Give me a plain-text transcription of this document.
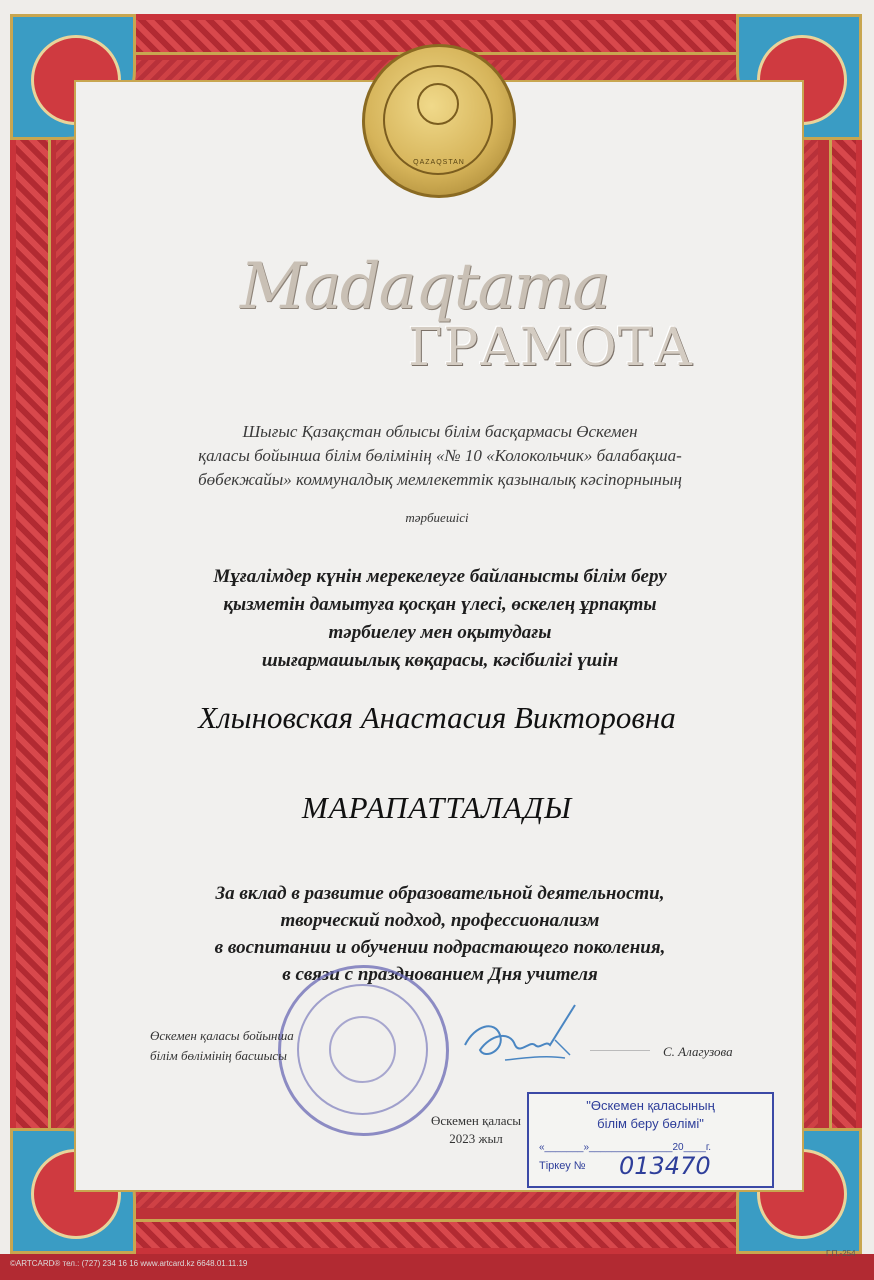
QAZAQSTAN
Madaqtama
ГРАМОТА
Шығыс Қазақстан облысы білім басқармасы Өскемен
қаласы бойынша білім бөлімінің «№ 10 «Колокольчик» балабақша-
бөбекжайы» коммуналдық мемлекеттік қазыналық кәсіпорнының
тәрбиешісі
Мұғалімдер күнін мерекелеуге байланысты білім беру
қызметін дамытуға қосқан үлесі, өскелең ұрпақты
тәрбиелеу мен оқытудағы
шығармашылық көқарасы, кәсібилігі үшін
Хлыновская Анастасия Викторовна
МАРАПАТТАЛАДЫ
За вклад в развитие образовательной деятельности,
творческий подход, профессионализм
в воспитании и обучении подрастающего поколения,
в связи с празднованием Дня учителя
Өскемен қаласы бойынша
білім бөлімінің басшысы	С. Алагузова
Өскемен қаласы
2023 жыл
"Өскемен қаласының
білім беру бөлімі"
«_______»_______________20____г.
Тіркеу № 013470
©ARTCARD® тел.: (727) 234 16 16 www.artcard.kz 6648.01.11.19
Г.П.-254
